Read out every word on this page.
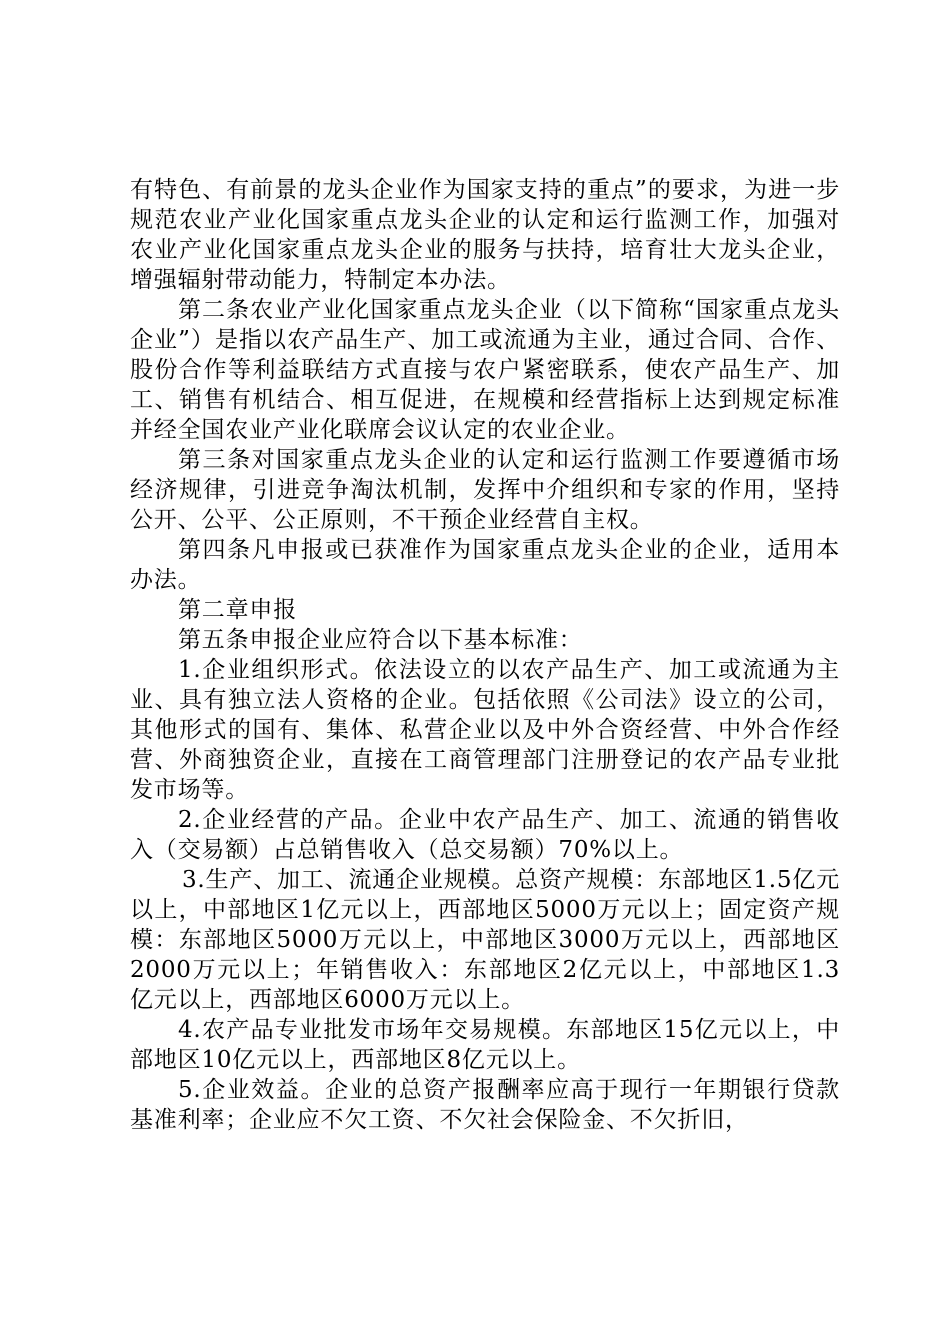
有特色、有前景的龙头企业作为国家支持的重点”的要求，为进一步规范农业产业化国家重点龙头企业的认定和运行监测工作，加强对农业产业化国家重点龙头企业的服务与扶持，培育壮大龙头企业，增强辐射带动能力，特制定本办法。

第二条农业产业化国家重点龙头企业（以下简称“国家重点龙头企业”）是指以农产品生产、加工或流通为主业，通过合同、合作、股份合作等利益联结方式直接与农户紧密联系，使农产品生产、加工、销售有机结合、相互促进，在规模和经营指标上达到规定标准并经全国农业产业化联席会议认定的农业企业。

第三条对国家重点龙头企业的认定和运行监测工作要遵循市场经济规律，引进竞争淘汰机制，发挥中介组织和专家的作用，坚持公开、公平、公正原则，不干预企业经营自主权。

第四条凡申报或已获准作为国家重点龙头企业的企业，适用本办法。

第二章申报

第五条申报企业应符合以下基本标准：

1.企业组织形式。依法设立的以农产品生产、加工或流通为主业、具有独立法人资格的企业。包括依照《公司法》设立的公司，其他形式的国有、集体、私营企业以及中外合资经营、中外合作经营、外商独资企业，直接在工商管理部门注册登记的农产品专业批发市场等。

2.企业经营的产品。企业中农产品生产、加工、流通的销售收入（交易额）占总销售收入（总交易额）70%以上。

3.生产、加工、流通企业规模。总资产规模：东部地区1.5亿元以上，中部地区1亿元以上，西部地区5000万元以上；固定资产规模：东部地区5000万元以上，中部地区3000万元以上，西部地区2000万元以上；年销售收入：东部地区2亿元以上，中部地区1.3亿元以上，西部地区6000万元以上。

4.农产品专业批发市场年交易规模。东部地区15亿元以上，中部地区10亿元以上，西部地区8亿元以上。

5.企业效益。企业的总资产报酬率应高于现行一年期银行贷款基准利率；企业应不欠工资、不欠社会保险金、不欠折旧，
